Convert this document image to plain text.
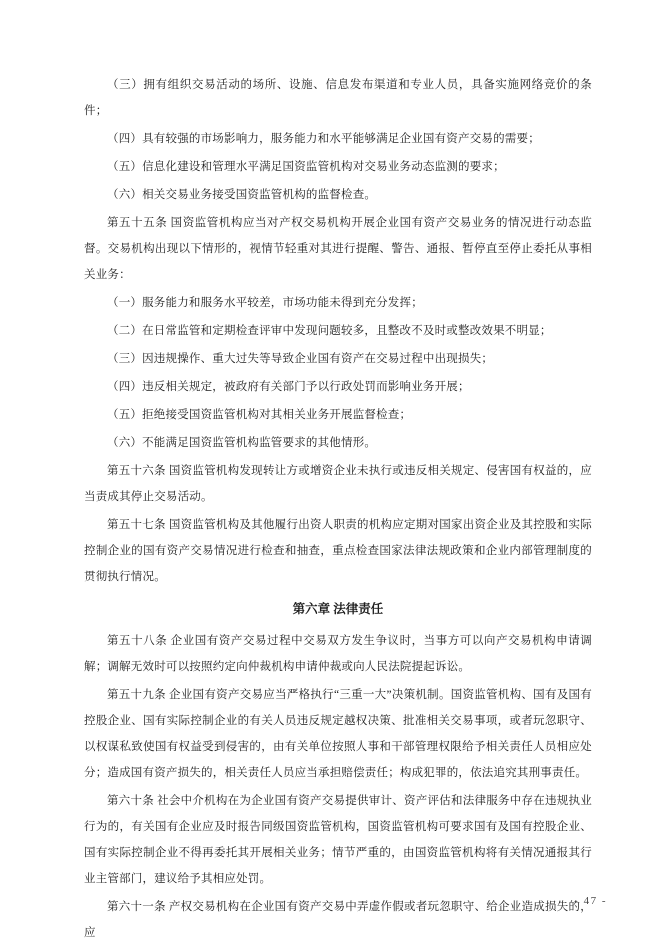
（三）拥有组织交易活动的场所、设施、信息发布渠道和专业人员，具备实施网络竞价的条件；

（四）具有较强的市场影响力，服务能力和水平能够满足企业国有资产交易的需要；

（五）信息化建设和管理水平满足国资监管机构对交易业务动态监测的要求；

（六）相关交易业务接受国资监管机构的监督检查。

第五十五条 国资监管机构应当对产权交易机构开展企业国有资产交易业务的情况进行动态监督。交易机构出现以下情形的，视情节轻重对其进行提醒、警告、通报、暂停直至停止委托从事相关业务：

（一）服务能力和服务水平较差，市场功能未得到充分发挥；

（二）在日常监管和定期检查评审中发现问题较多，且整改不及时或整改效果不明显；

（三）因违规操作、重大过失等导致企业国有资产在交易过程中出现损失；

（四）违反相关规定，被政府有关部门予以行政处罚而影响业务开展；

（五）拒绝接受国资监管机构对其相关业务开展监督检查；

（六）不能满足国资监管机构监管要求的其他情形。

第五十六条 国资监管机构发现转让方或增资企业未执行或违反相关规定、侵害国有权益的，应当责成其停止交易活动。

第五十七条 国资监管机构及其他履行出资人职责的机构应定期对国家出资企业及其控股和实际控制企业的国有资产交易情况进行检查和抽查，重点检查国家法律法规政策和企业内部管理制度的贯彻执行情况。

第六章 法律责任

第五十八条 企业国有资产交易过程中交易双方发生争议时，当事方可以向产交易机构申请调解；调解无效时可以按照约定向仲裁机构申请仲裁或向人民法院提起诉讼。

第五十九条 企业国有资产交易应当严格执行“三重一大”决策机制。国资监管机构、国有及国有控股企业、国有实际控制企业的有关人员违反规定越权决策、批准相关交易事项，或者玩忽职守、以权谋私致使国有权益受到侵害的，由有关单位按照人事和干部管理权限给予相关责任人员相应处分；造成国有资产损失的，相关责任人员应当承担赔偿责任；构成犯罪的，依法追究其刑事责任。

第六十条 社会中介机构在为企业国有资产交易提供审计、资产评估和法律服务中存在违规执业行为的，有关国有企业应及时报告同级国资监管机构，国资监管机构可要求国有及国有控股企业、国有实际控制企业不得再委托其开展相关业务；情节严重的，由国资监管机构将有关情况通报其行业主管部门，建议给予其相应处罚。

第六十一条 产权交易机构在企业国有资产交易中弄虚作假或者玩忽职守、给企业造成损失的，应

- 47 -
